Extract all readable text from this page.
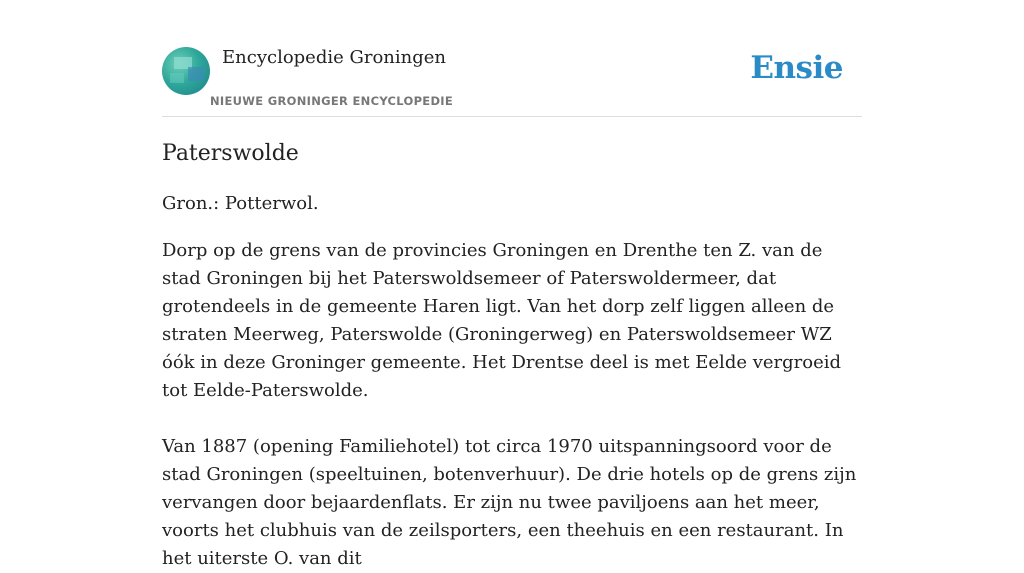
Encyclopedie Groningen
NIEUWE GRONINGER ENCYCLOPEDIE
Ensie
Paterswolde

Gron.: Potterwol.

Dorp op de grens van de provincies Groningen en Drenthe ten Z. van de stad Groningen bij het Paterswoldsemeer of Paterswoldermeer, dat grotendeels in de gemeente Haren ligt. Van het dorp zelf liggen alleen de straten Meerweg, Paterswolde (Groningerweg) en Paterswoldsemeer WZ óók in deze Groninger gemeente. Het Drentse deel is met Eelde vergroeid tot Eelde-Paterswolde.

Van 1887 (opening Familiehotel) tot circa 1970 uitspanningsoord voor de stad Groningen (speeltuinen, botenverhuur). De drie hotels op de grens zijn vervangen door bejaardenflats. Er zijn nu twee paviljoens aan het meer, voorts het clubhuis van de zeilsporters, een theehuis en een restaurant. In het uiterste O. van dit
